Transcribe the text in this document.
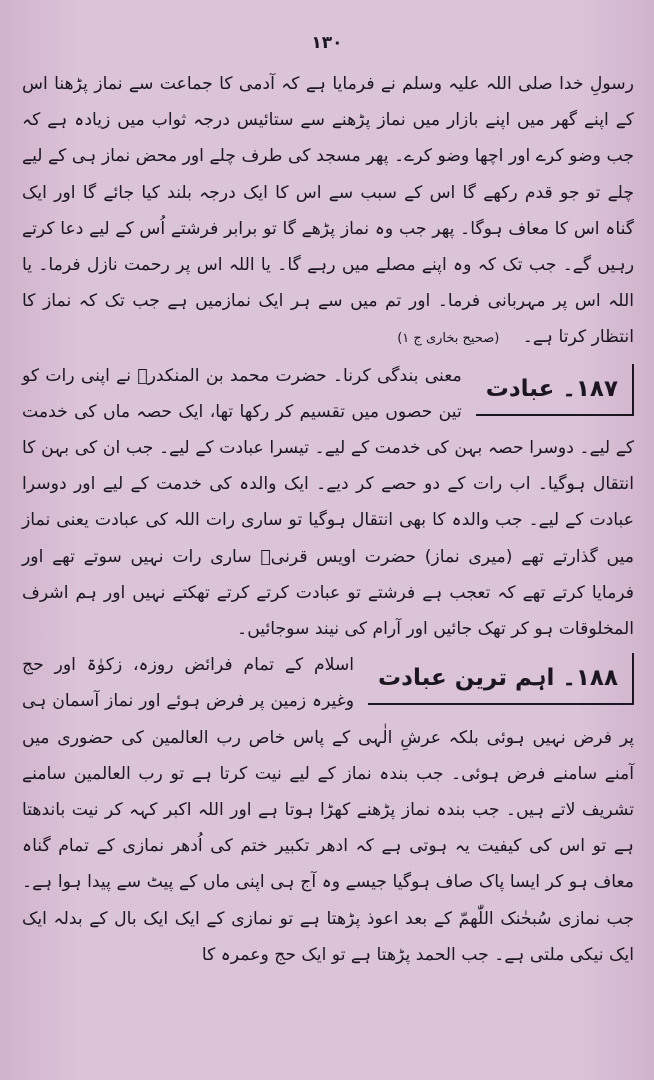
۱۳۰

رسولِ خدا صلی اللہ علیہ وسلم نے فرمایا ہے کہ آدمی کا جماعت سے نماز پڑھنا اس کے اپنے گھر میں اپنے بازار میں نماز پڑھنے سے ستائیس درجہ ثواب میں زیادہ ہے کہ جب وضو کرے اور اچھا وضو کرے۔ پھر مسجد کی طرف چلے اور محض نماز ہی کے لیے چلے تو جو قدم رکھے گا اس کے سبب سے اس کا ایک درجہ بلند کیا جائے گا اور ایک گناہ اس کا معاف ہوگا۔ پھر جب وہ نماز پڑھے گا تو برابر فرشتے اُس کے لیے دعا کرتے رہیں گے۔ جب تک کہ وہ اپنے مصلے میں رہے گا۔ یا اللہ اس پر رحمت نازل فرما۔ یا اللہ اس پر مہربانی فرما۔ اور تم میں سے ہر ایک نمازمیں ہے جب تک کہ نماز کا انتظار کرتا ہے۔ (صحیح بخاری ج ۱)

۱۸۷۔ عبادت

معنی بندگی کرنا۔ حضرت محمد بن المنکدرؒ نے اپنی رات کو تین حصوں میں تقسیم کر رکھا تھا، ایک حصہ ماں کی خدمت کے لیے۔ دوسرا حصہ بہن کی خدمت کے لیے۔ تیسرا عبادت کے لیے۔ جب ان کی بہن کا انتقال ہوگیا۔ اب رات کے دو حصے کر دیے۔ ایک والدہ کی خدمت کے لیے اور دوسرا عبادت کے لیے۔ جب والدہ کا بھی انتقال ہوگیا تو ساری رات اللہ کی عبادت یعنی نماز میں گذارتے تھے (میری نماز) حضرت اویس قرنیؒ ساری رات نہیں سوتے تھے اور فرمایا کرتے تھے کہ تعجب ہے فرشتے تو عبادت کرتے کرتے تھکتے نہیں اور ہم اشرف المخلوقات ہو کر تھک جائیں اور آرام کی نیند سوجائیں۔

۱۸۸۔ اہم ترین عبادت

اسلام کے تمام فرائض روزہ، زکوٰۃ اور حج وغیرہ زمین پر فرض ہوئے اور نماز آسمان ہی پر فرض نہیں ہوئی بلکہ عرشِ الٰہی کے پاس خاص رب العالمین کی حضوری میں آمنے سامنے فرض ہوئی۔ جب بندہ نماز کے لیے نیت کرتا ہے تو رب العالمین سامنے تشریف لاتے ہیں۔ جب بندہ نماز پڑھنے کھڑا ہوتا ہے اور اللہ اکبر کہہ کر نیت باندھتا ہے تو اس کی کیفیت یہ ہوتی ہے کہ ادھر تکبیر ختم کی اُدھر نمازی کے تمام گناہ معاف ہو کر ایسا پاک صاف ہوگیا جیسے وہ آج ہی اپنی ماں کے پیٹ سے پیدا ہوا ہے۔ جب نمازی سُبحٰنک اللّٰھمّ کے بعد اعوذ پڑھتا ہے تو نمازی کے ایک ایک بال کے بدلہ ایک ایک نیکی ملتی ہے۔ جب الحمد پڑھتا ہے تو ایک حج وعمرہ کا
